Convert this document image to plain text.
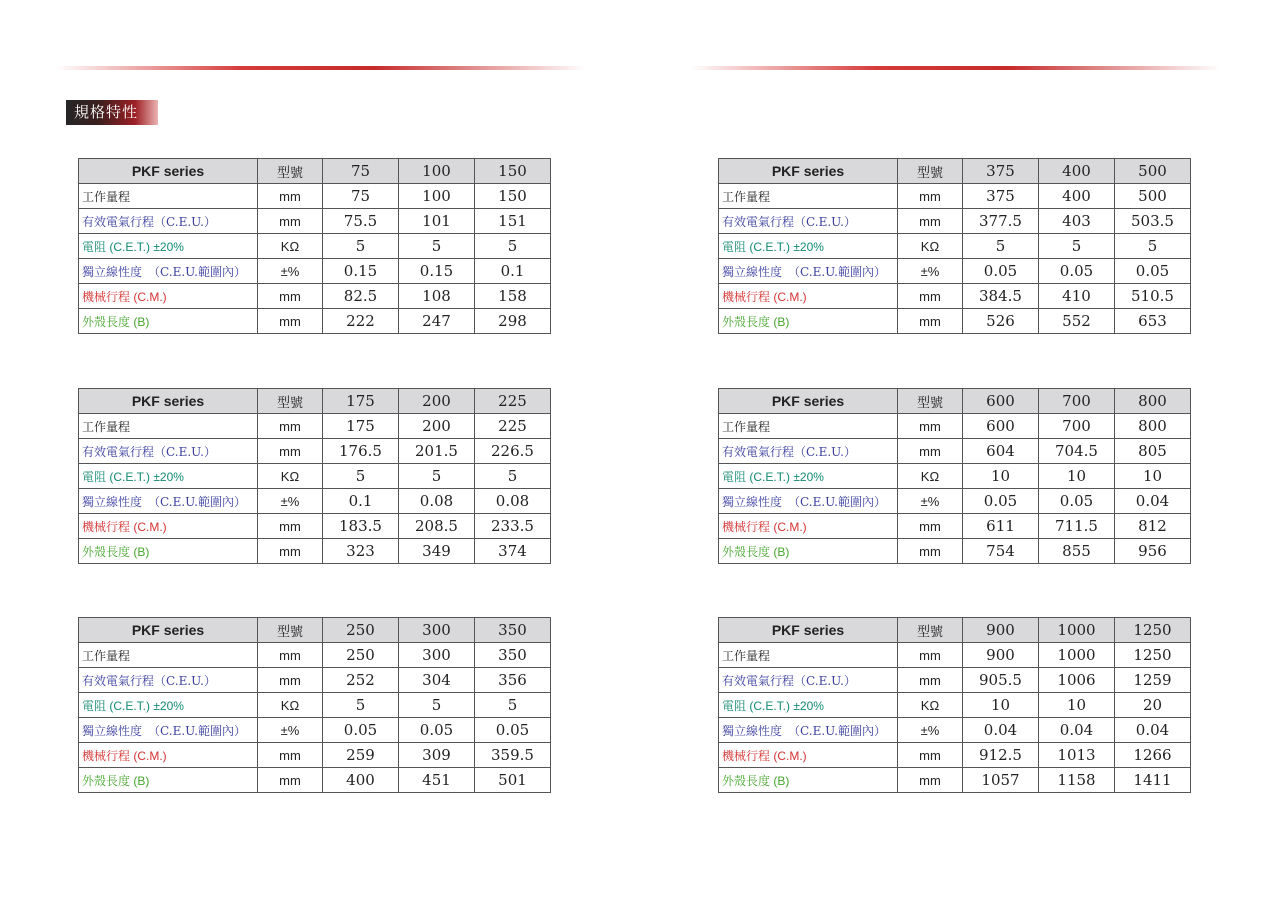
規格特性
PKF series	型號	75	100	150
工作量程	mm	75	100	150
有效電氣行程（C.E.U.）	mm	75.5	101	151
電阻 (C.E.T.) ±20%	KΩ	5	5	5
獨立線性度　（C.E.U.範圍內）	±%	0.15	0.15	0.1
機械行程 (C.M.)	mm	82.5	108	158
外殼長度 (B)	mm	222	247	298
PKF series	型號	375	400	500
工作量程	mm	375	400	500
有效電氣行程（C.E.U.）	mm	377.5	403	503.5
電阻 (C.E.T.) ±20%	KΩ	5	5	5
獨立線性度　（C.E.U.範圍內）	±%	0.05	0.05	0.05
機械行程 (C.M.)	mm	384.5	410	510.5
外殼長度 (B)	mm	526	552	653
PKF series	型號	175	200	225
工作量程	mm	175	200	225
有效電氣行程（C.E.U.）	mm	176.5	201.5	226.5
電阻 (C.E.T.) ±20%	KΩ	5	5	5
獨立線性度　（C.E.U.範圍內）	±%	0.1	0.08	0.08
機械行程 (C.M.)	mm	183.5	208.5	233.5
外殼長度 (B)	mm	323	349	374
PKF series	型號	600	700	800
工作量程	mm	600	700	800
有效電氣行程（C.E.U.）	mm	604	704.5	805
電阻 (C.E.T.) ±20%	KΩ	10	10	10
獨立線性度　（C.E.U.範圍內）	±%	0.05	0.05	0.04
機械行程 (C.M.)	mm	611	711.5	812
外殼長度 (B)	mm	754	855	956
PKF series	型號	250	300	350
工作量程	mm	250	300	350
有效電氣行程（C.E.U.）	mm	252	304	356
電阻 (C.E.T.) ±20%	KΩ	5	5	5
獨立線性度　（C.E.U.範圍內）	±%	0.05	0.05	0.05
機械行程 (C.M.)	mm	259	309	359.5
外殼長度 (B)	mm	400	451	501
PKF series	型號	900	1000	1250
工作量程	mm	900	1000	1250
有效電氣行程（C.E.U.）	mm	905.5	1006	1259
電阻 (C.E.T.) ±20%	KΩ	10	10	20
獨立線性度　（C.E.U.範圍內）	±%	0.04	0.04	0.04
機械行程 (C.M.)	mm	912.5	1013	1266
外殼長度 (B)	mm	1057	1158	1411
